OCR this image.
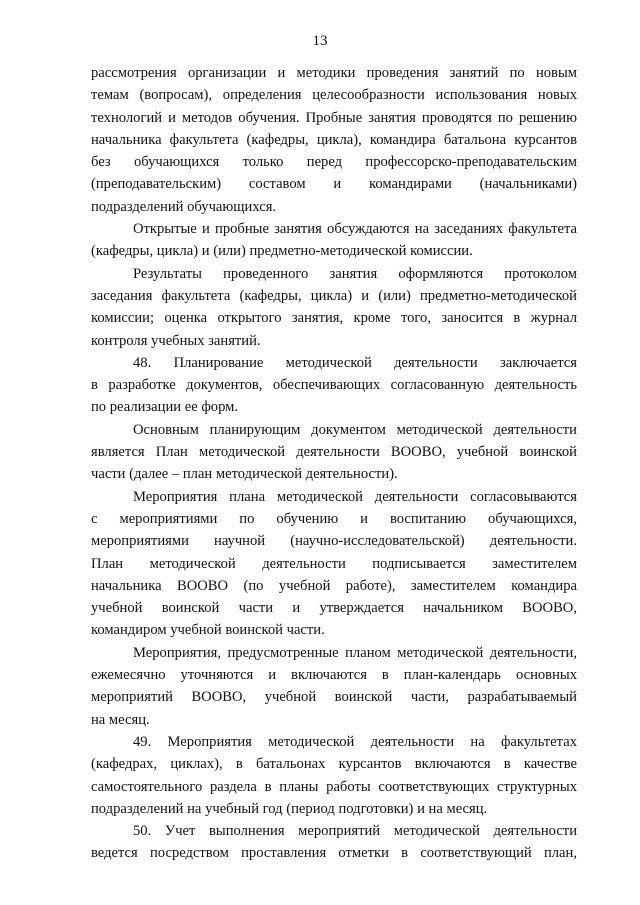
13
рассмотрения организации и методики проведения занятий по новым
темам (вопросам), определения целесообразности использования новых
технологий и методов обучения. Пробные занятия проводятся по решению
начальника факультета (кафедры, цикла), командира батальона курсантов
без обучающихся только перед профессорско-преподавательским
(преподавательским) составом и командирами (начальниками)
подразделений обучающихся.
Открытые и пробные занятия обсуждаются на заседаниях факультета
(кафедры, цикла) и (или) предметно-методической комиссии.
Результаты проведенного занятия оформляются протоколом
заседания факультета (кафедры, цикла) и (или) предметно-методической
комиссии; оценка открытого занятия, кроме того, заносится в журнал
контроля учебных занятий.
48. Планирование методической деятельности заключается
в разработке документов, обеспечивающих согласованную деятельность
по реализации ее форм.
Основным планирующим документом методической деятельности
является План методической деятельности ВООВО, учебной воинской
части (далее – план методической деятельности).
Мероприятия плана методической деятельности согласовываются
с мероприятиями по обучению и воспитанию обучающихся,
мероприятиями научной (научно-исследовательской) деятельности.
План методической деятельности подписывается заместителем
начальника ВООВО (по учебной работе), заместителем командира
учебной воинской части и утверждается начальником ВООВО,
командиром учебной воинской части.
Мероприятия, предусмотренные планом методической деятельности,
ежемесячно уточняются и включаются в план-календарь основных
мероприятий ВООВО, учебной воинской части, разрабатываемый
на месяц.
49. Мероприятия методической деятельности на факультетах
(кафедрах, циклах), в батальонах курсантов включаются в качестве
самостоятельного раздела в планы работы соответствующих структурных
подразделений на учебный год (период подготовки) и на месяц.
50. Учет выполнения мероприятий методической деятельности
ведется посредством проставления отметки в соответствующий план,
